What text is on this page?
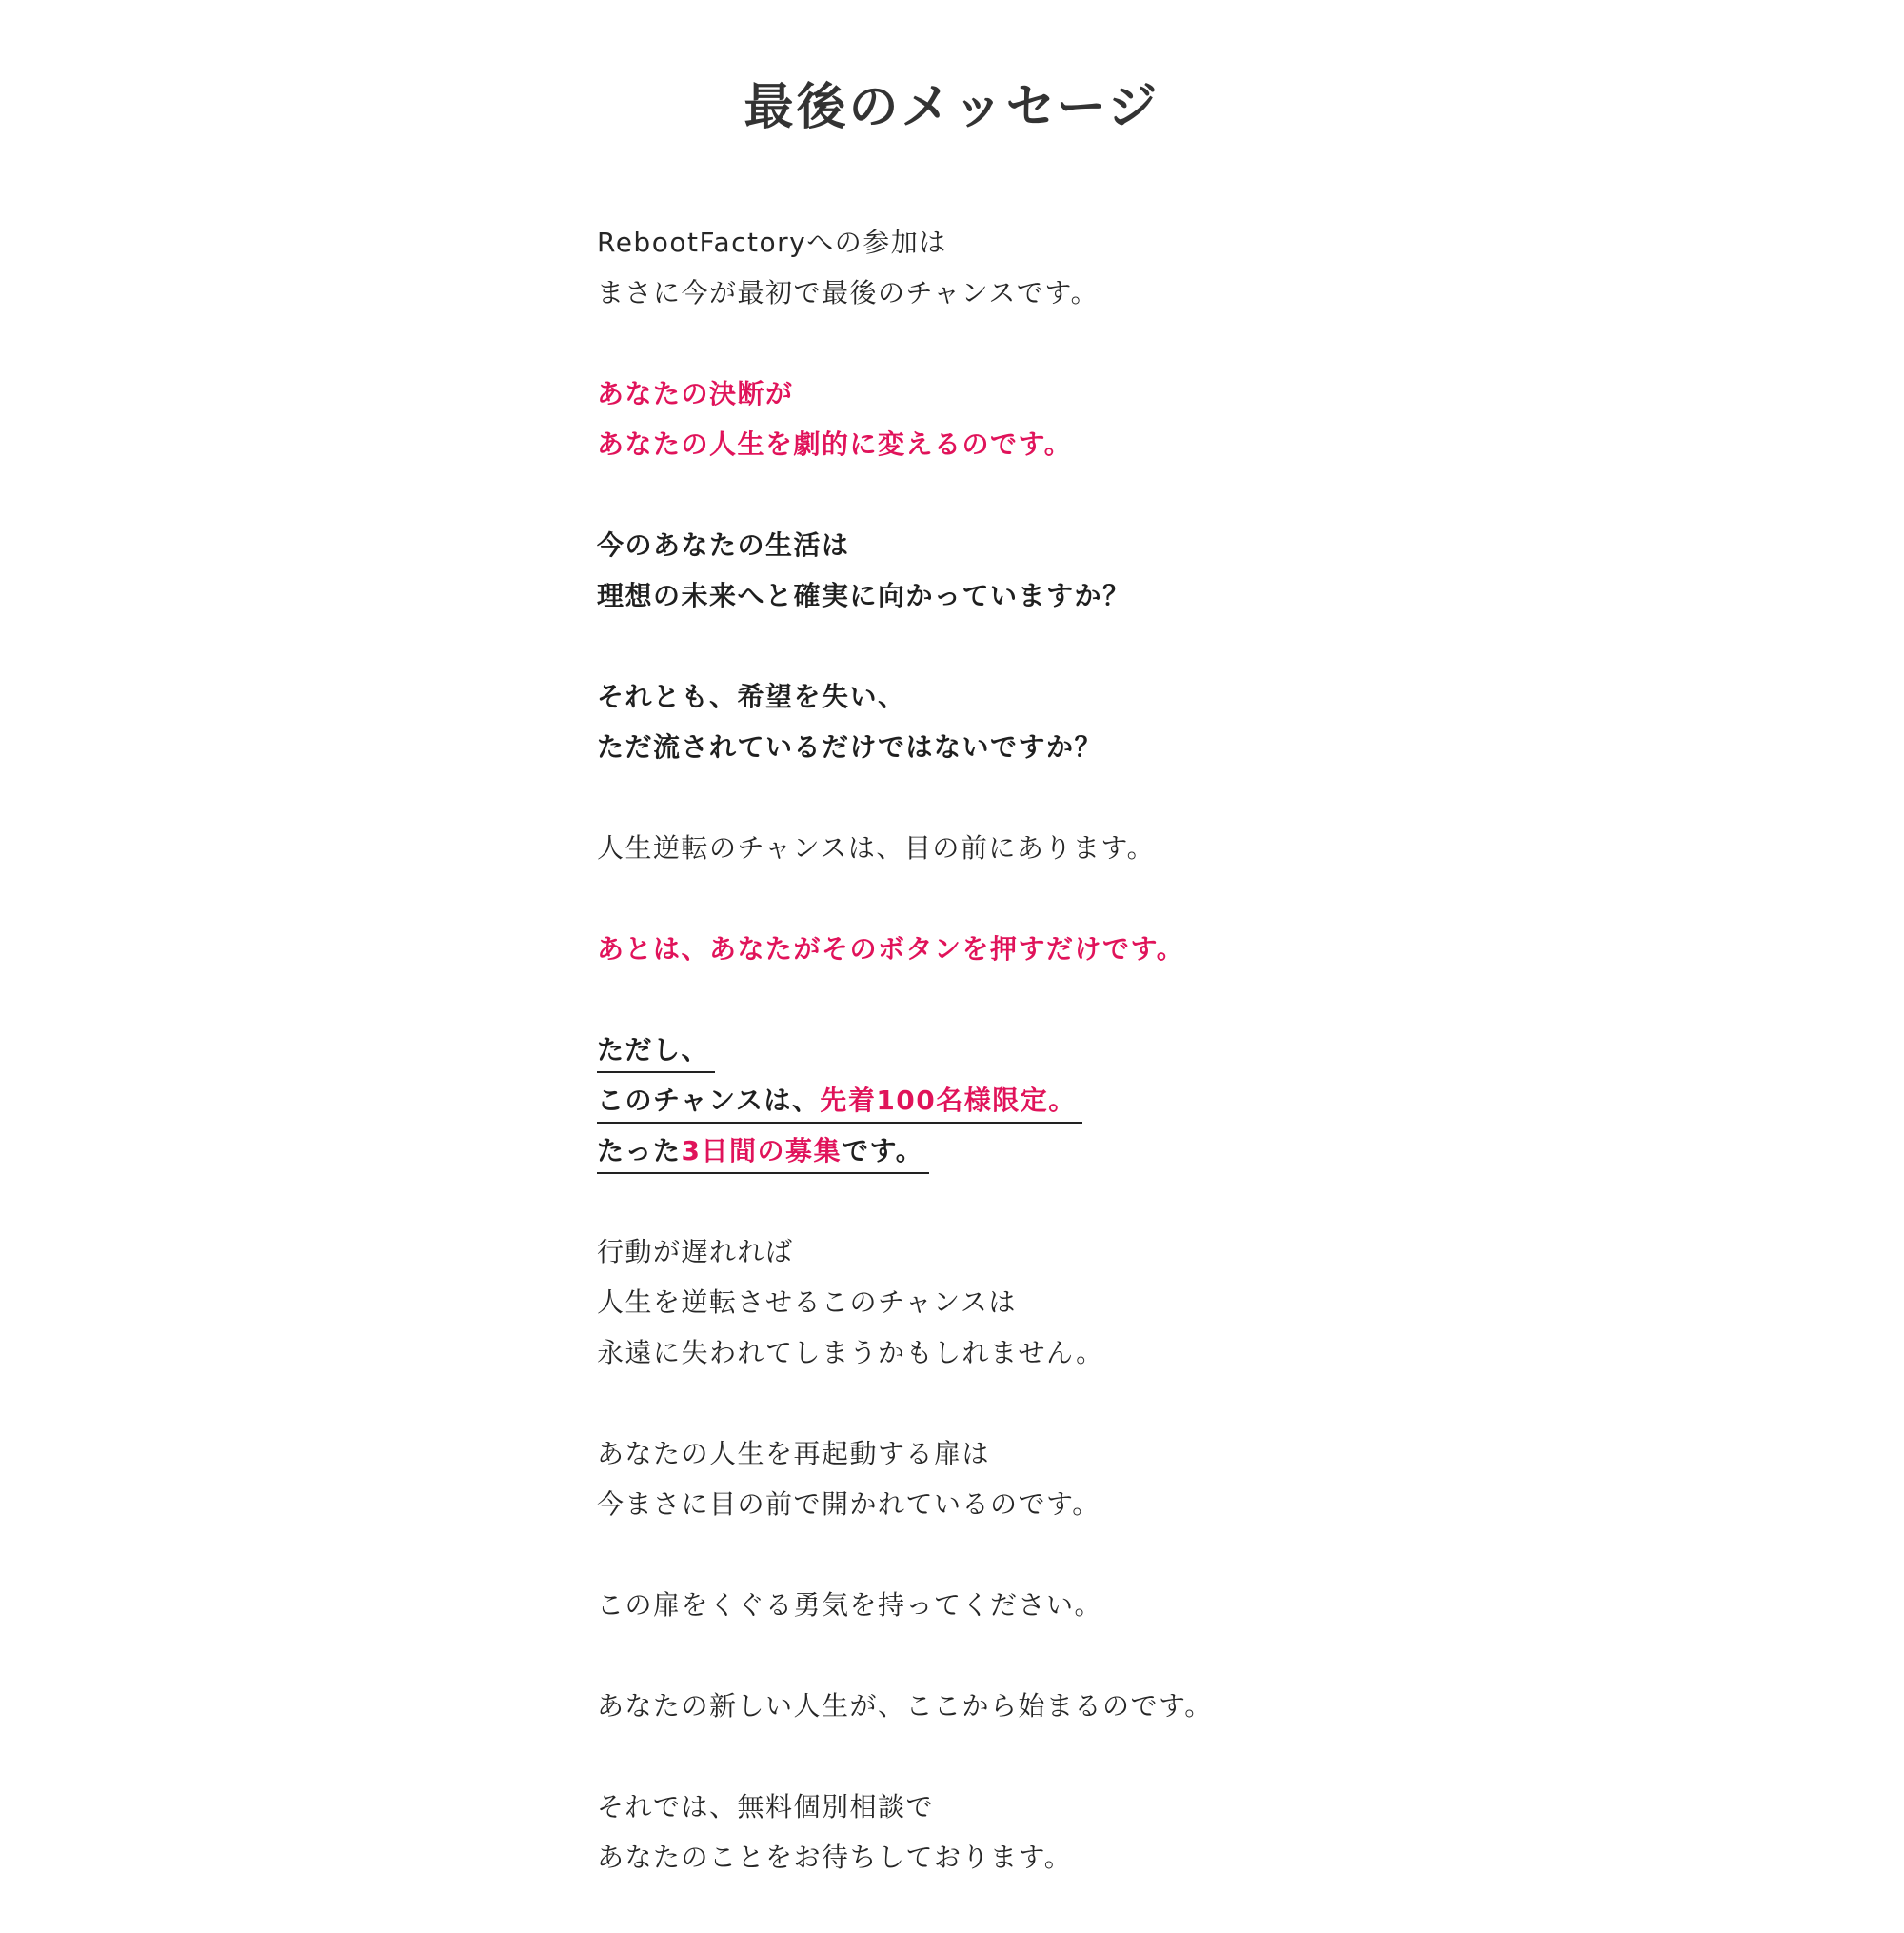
最後のメッセージ
RebootFactoryへの参加は
まさに今が最初で最後のチャンスです。
あなたの決断が
あなたの人生を劇的に変えるのです。
今のあなたの生活は
理想の未来へと確実に向かっていますか？
それとも、希望を失い、
ただ流されているだけではないですか？
人生逆転のチャンスは、目の前にあります。
あとは、あなたがそのボタンを押すだけです。
ただし、
このチャンスは、先着100名様限定。
たった3日間の募集です。
行動が遅れれば
人生を逆転させるこのチャンスは
永遠に失われてしまうかもしれません。
あなたの人生を再起動する扉は
今まさに目の前で開かれているのです。
この扉をくぐる勇気を持ってください。
あなたの新しい人生が、ここから始まるのです。
それでは、無料個別相談で
あなたのことをお待ちしております。
